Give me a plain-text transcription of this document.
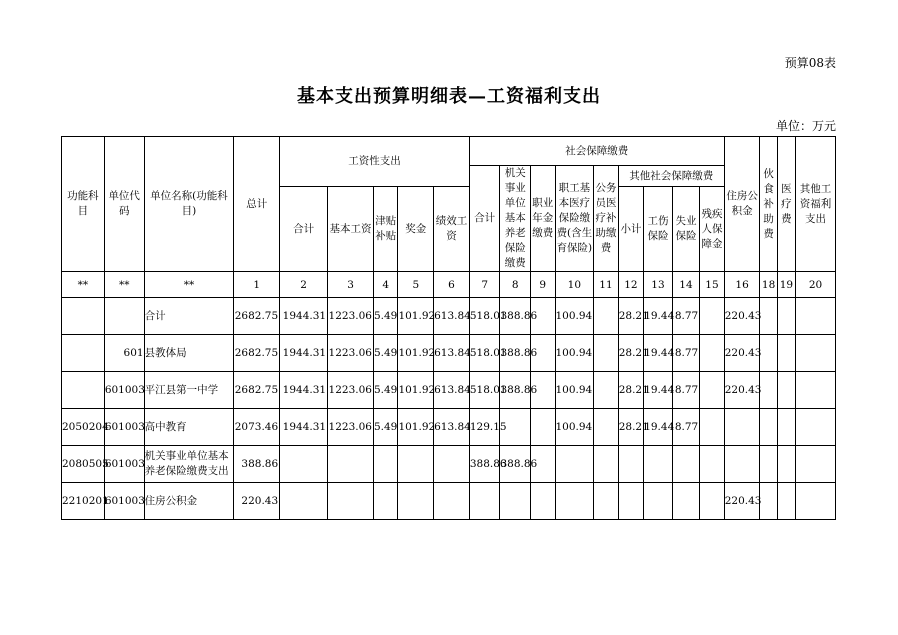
预算08表
基本支出预算明细表—工资福利支出
单位：万元
功能科目	单位代码	单位名称(功能科目)	总计	工资性支出					社会保障缴费									住房公积金	伙食补助费	医疗费	其他工资福利支出
									合计	机关事业单位基本养老保险缴费	职业年金缴费	职工基本医疗保险缴费(含生育保险)	公务员医疗补助缴费	其他社会保障缴费							
				合计	基本工资	津贴补贴	奖金	绩效工资						小计	工伤保险	失业保险	残疾人保障金				
**	**	**	1	2	3	4	5	6	7	8	9	10	11	12	13	14	15	16	18	19	20
		合计	2682.75	1944.31	1223.06	5.49	101.92	613.84	518.01	388.86		100.94		28.21	19.44	8.77		220.43			
	601	县教体局	2682.75	1944.31	1223.06	5.49	101.92	613.84	518.01	388.86		100.94		28.21	19.44	8.77		220.43			
	601003	平江县第一中学	2682.75	1944.31	1223.06	5.49	101.92	613.84	518.01	388.86		100.94		28.21	19.44	8.77		220.43			
2050204	601003	高中教育	2073.46	1944.31	1223.06	5.49	101.92	613.84	129.15			100.94		28.21	19.44	8.77					
2080505	601003	机关事业单位基本养老保险缴费支出	388.86						388.86	388.86											
2210201	601003	住房公积金	220.43															220.43			
